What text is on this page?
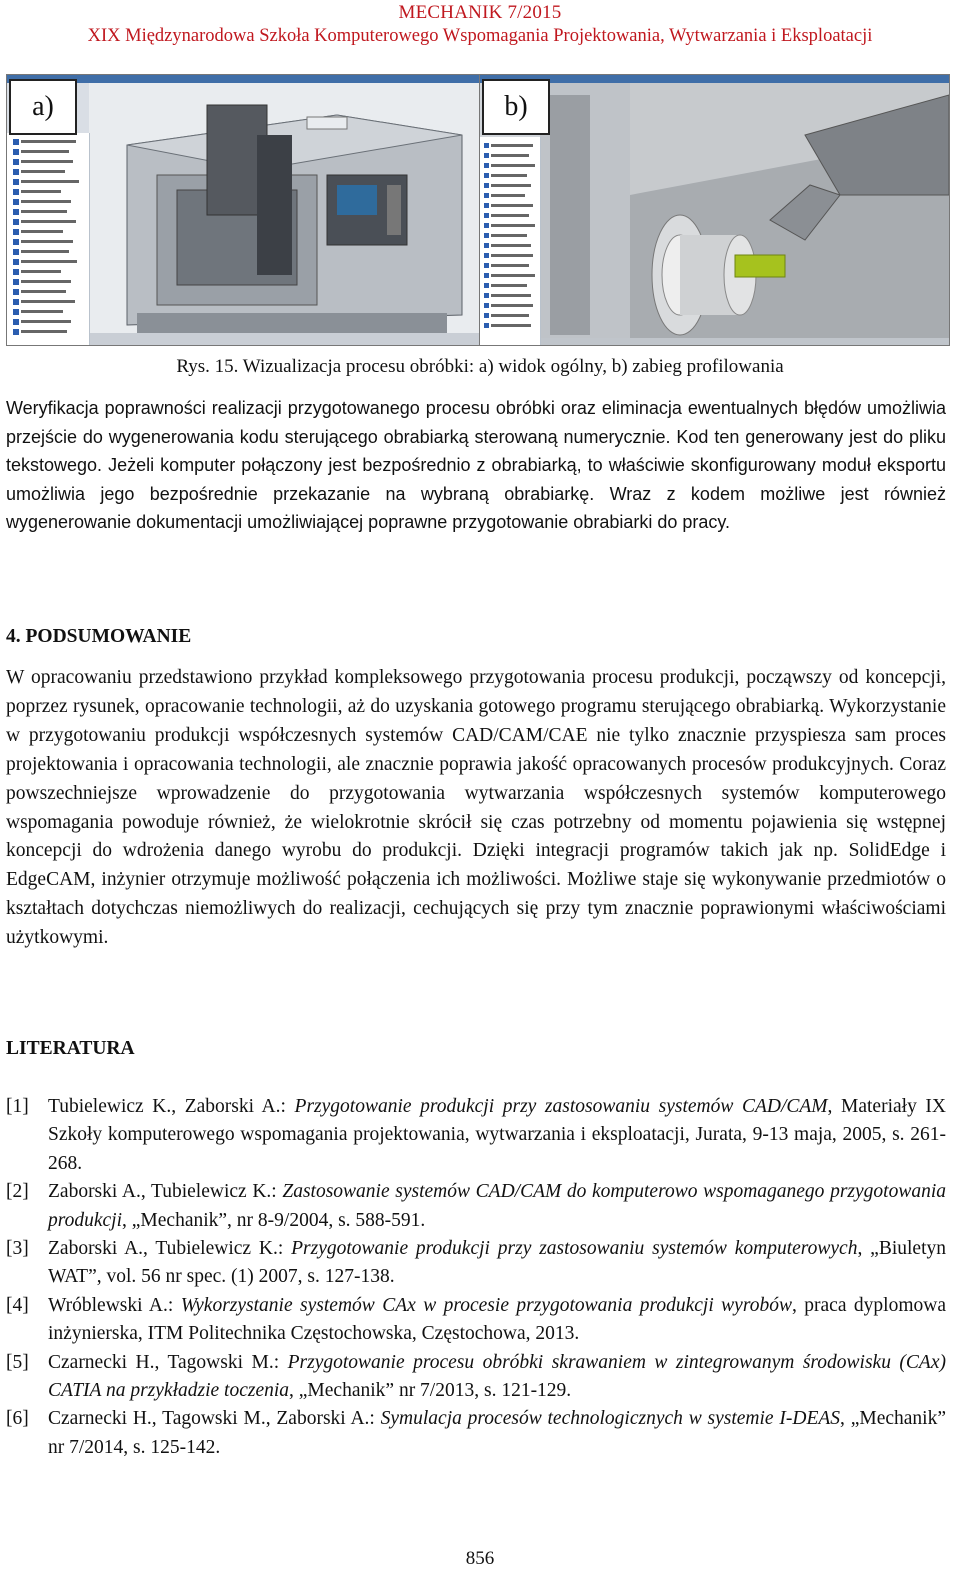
MECHANIK 7/2015
XIX Międzynarodowa Szkoła Komputerowego Wspomagania Projektowania, Wytwarzania i Eksploatacji
a)	b)
Rys. 15. Wizualizacja procesu obróbki: a) widok ogólny, b) zabieg profilowania
Weryfikacja poprawności realizacji przygotowanego procesu obróbki oraz eliminacja ewentualnych błędów umożliwia przejście do wygenerowania kodu sterującego obrabiarką sterowaną numerycznie. Kod ten generowany jest do pliku tekstowego. Jeżeli komputer połączony jest bezpośrednio z obrabiarką, to właściwie skonfigurowany moduł eksportu umożliwia jego bezpośrednie przekazanie na wybraną obrabiarkę. Wraz z kodem możliwe jest również wygenerowanie dokumentacji umożliwiającej poprawne przygotowanie obrabiarki do pracy.
4. PODSUMOWANIE
W opracowaniu przedstawiono przykład kompleksowego przygotowania procesu produkcji, począwszy od koncepcji, poprzez rysunek, opracowanie technologii, aż do uzyskania gotowego programu sterującego obrabiarką. Wykorzystanie w przygotowaniu produkcji współczesnych systemów CAD/CAM/CAE nie tylko znacznie przyspiesza sam proces projektowania i opracowania technologii, ale znacznie poprawia jakość opracowanych procesów produkcyjnych. Coraz powszechniejsze wprowadzenie do przygotowania wytwarzania współczesnych systemów komputerowego wspomagania powoduje również, że wielokrotnie skrócił się czas potrzebny od momentu pojawienia się wstępnej koncepcji do wdrożenia danego wyrobu do produkcji. Dzięki integracji programów takich jak np. SolidEdge i EdgeCAM, inżynier otrzymuje możliwość połączenia ich możliwości. Możliwe staje się wykonywanie przedmiotów o kształtach dotychczas niemożliwych do realizacji, cechujących się przy tym znacznie poprawionymi właściwościami użytkowymi.
LITERATURA
[1] Tubielewicz K., Zaborski A.: Przygotowanie produkcji przy zastosowaniu systemów CAD/CAM, Materiały IX Szkoły komputerowego wspomagania projektowania, wytwarzania i eksploatacji, Jurata, 9-13 maja, 2005, s. 261-268.
[2] Zaborski A., Tubielewicz K.: Zastosowanie systemów CAD/CAM do komputerowo wspomaganego przygotowania produkcji, „Mechanik”, nr 8-9/2004, s. 588-591.
[3] Zaborski A., Tubielewicz K.: Przygotowanie produkcji przy zastosowaniu systemów komputerowych, „Biuletyn WAT”, vol. 56 nr spec. (1) 2007, s. 127-138.
[4] Wróblewski A.: Wykorzystanie systemów CAx w procesie przygotowania produkcji wyrobów, praca dyplomowa inżynierska, ITM Politechnika Częstochowska, Częstochowa, 2013.
[5] Czarnecki H., Tagowski M.: Przygotowanie procesu obróbki skrawaniem w zintegrowanym środowisku (CAx) CATIA na przykładzie toczenia, „Mechanik” nr 7/2013, s. 121-129.
[6] Czarnecki H., Tagowski M., Zaborski A.: Symulacja procesów technologicznych w systemie I-DEAS, „Mechanik” nr 7/2014, s. 125-142.
856
